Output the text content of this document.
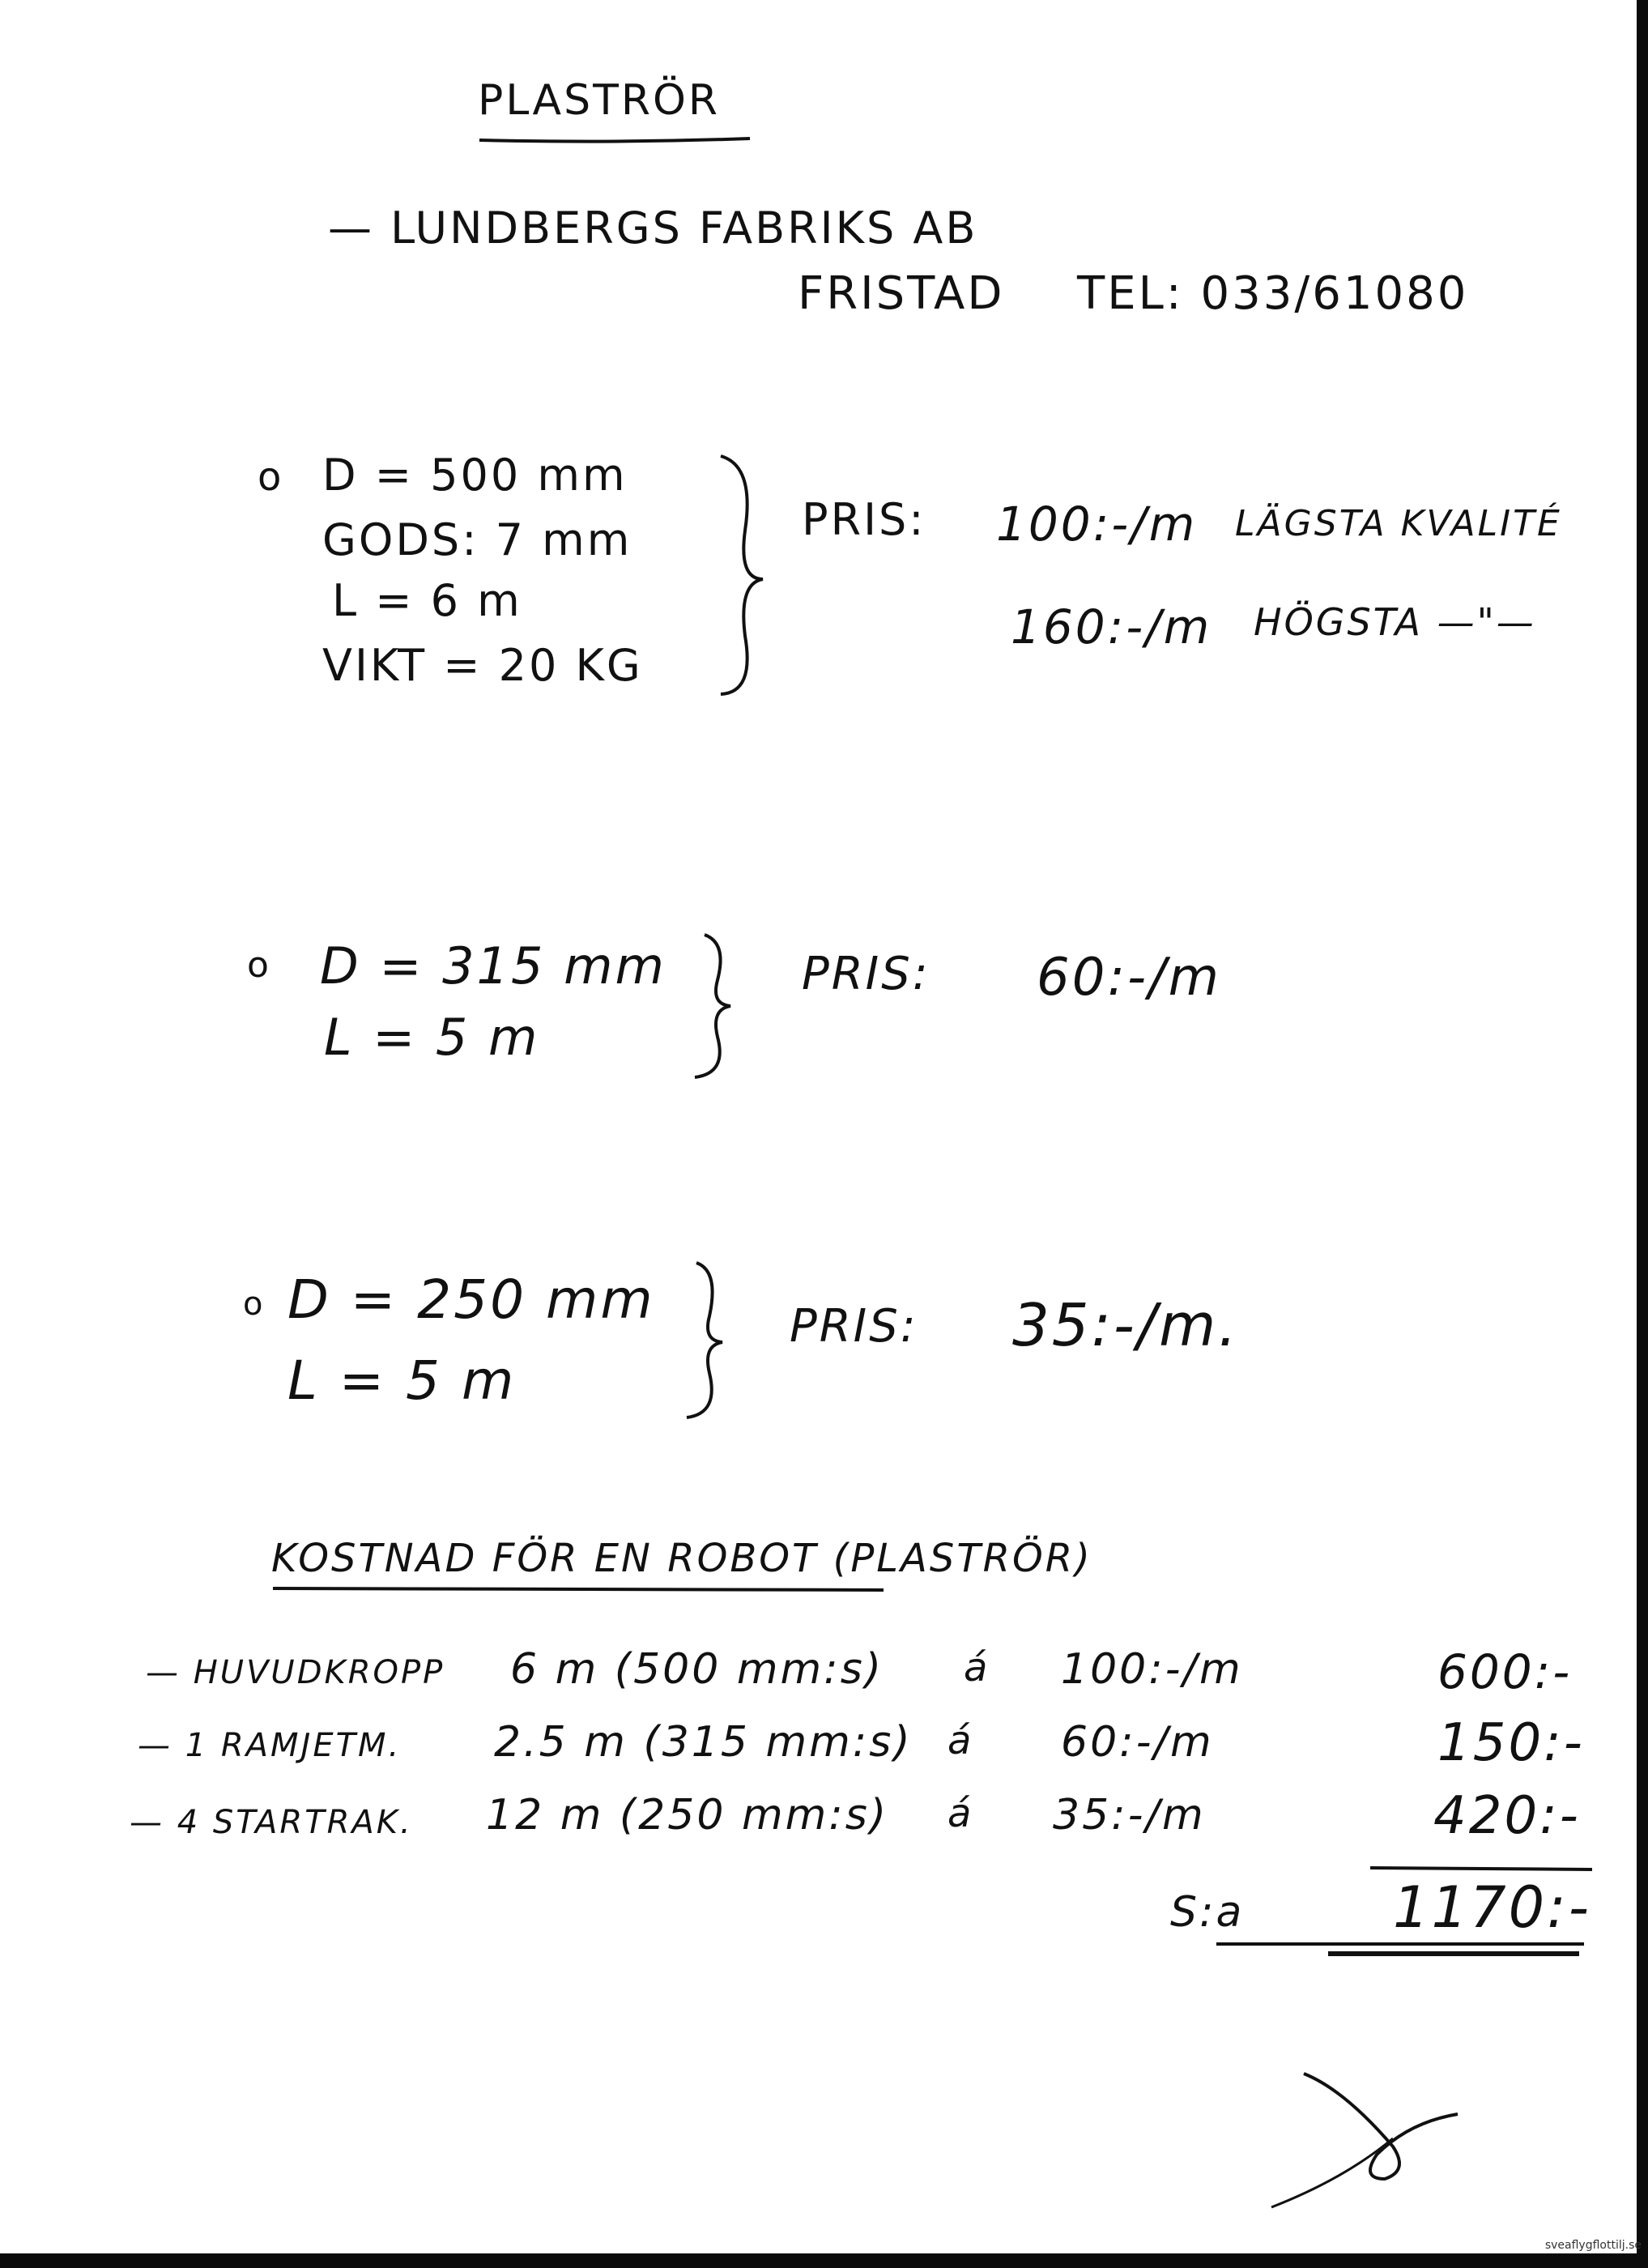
PLASTRÖR
— LUNDBERGS FABRIKS AB
FRISTAD TEL: 033/61080
o D = 500 mm
GODS: 7 mm
L = 6 m
VIKT = 20 KG
PRIS: 100:-/m LÄGSTA KVALITÉ
160:-/m HÖGSTA —"—
o D = 315 mm
L = 5 m
PRIS: 60:-/m
o D = 250 mm
L = 5 m
PRIS: 35:-/m.
KOSTNAD FÖR EN ROBOT (PLASTRÖR)
— HUVUDKROPP 6 m (500 mm:s) á 100:-/m	600:-
— 1 RAMJETM. 2.5 m (315 mm:s) á 60:-/m	150:-
— 4 STARTRAK. 12 m (250 mm:s) á 35:-/m	420:-
S:a	1170:-
sveaflygflottilj.se
